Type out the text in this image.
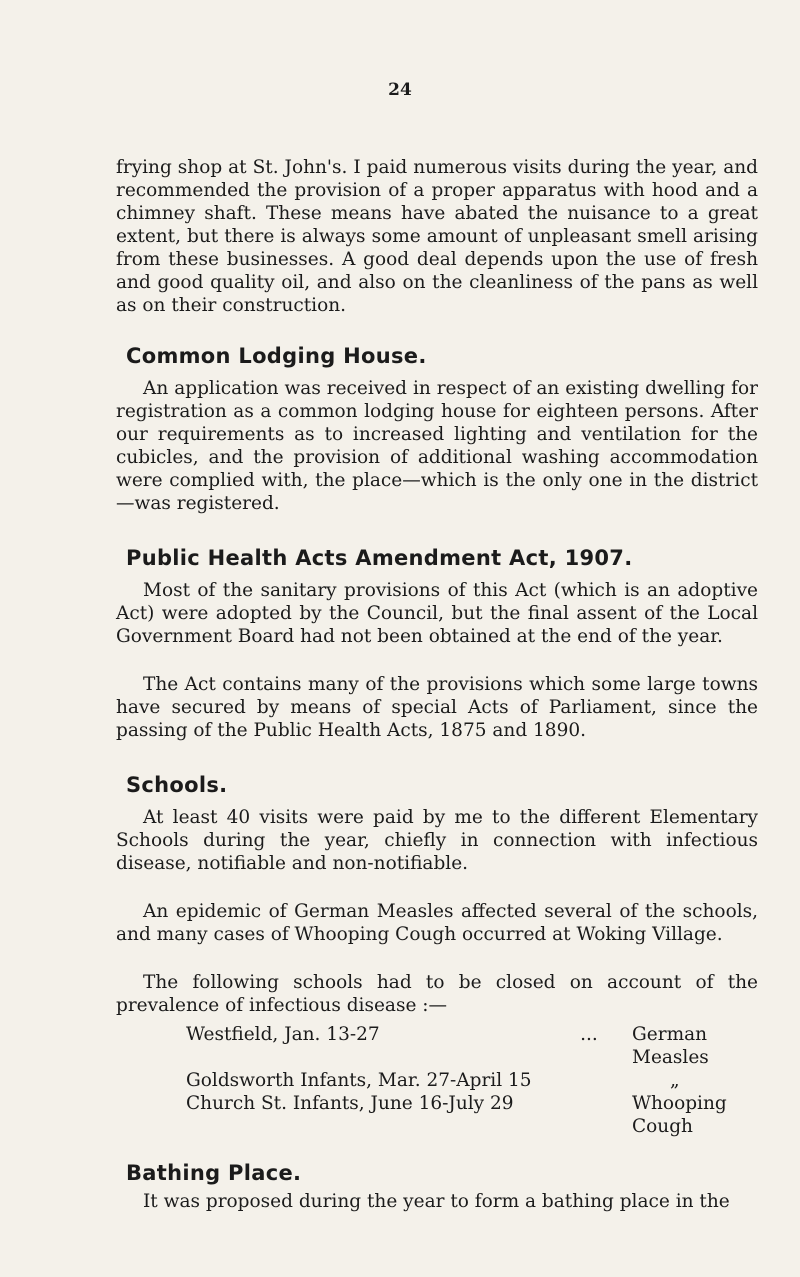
24

frying shop at St. John's. I paid numerous visits during the year, and recommended the provision of a proper apparatus with hood and a chimney shaft. These means have abated the nuisance to a great extent, but there is always some amount of unpleasant smell arising from these businesses. A good deal depends upon the use of fresh and good quality oil, and also on the cleanliness of the pans as well as on their construction.

Common Lodging House.

An application was received in respect of an existing dwelling for registration as a common lodging house for eighteen persons. After our requirements as to increased lighting and ventilation for the cubicles, and the provision of additional washing accommodation were complied with, the place—which is the only one in the district—was registered.

Public Health Acts Amendment Act, 1907.

Most of the sanitary provisions of this Act (which is an adoptive Act) were adopted by the Council, but the final assent of the Local Government Board had not been obtained at the end of the year.

The Act contains many of the provisions which some large towns have secured by means of special Acts of Parliament, since the passing of the Public Health Acts, 1875 and 1890.

Schools.

At least 40 visits were paid by me to the different Elementary Schools during the year, chiefly in connection with infectious disease, notifiable and non-notifiable.

An epidemic of German Measles affected several of the schools, and many cases of Whooping Cough occurred at Woking Village.

The following schools had to be closed on account of the prevalence of infectious disease :—

Westfield, Jan. 13-27	...	German Measles
Goldsworth Infants, Mar. 27-April 15	„
Church St. Infants, June 16-July 29	Whooping Cough
Bathing Place.

It was proposed during the year to form a bathing place in the
